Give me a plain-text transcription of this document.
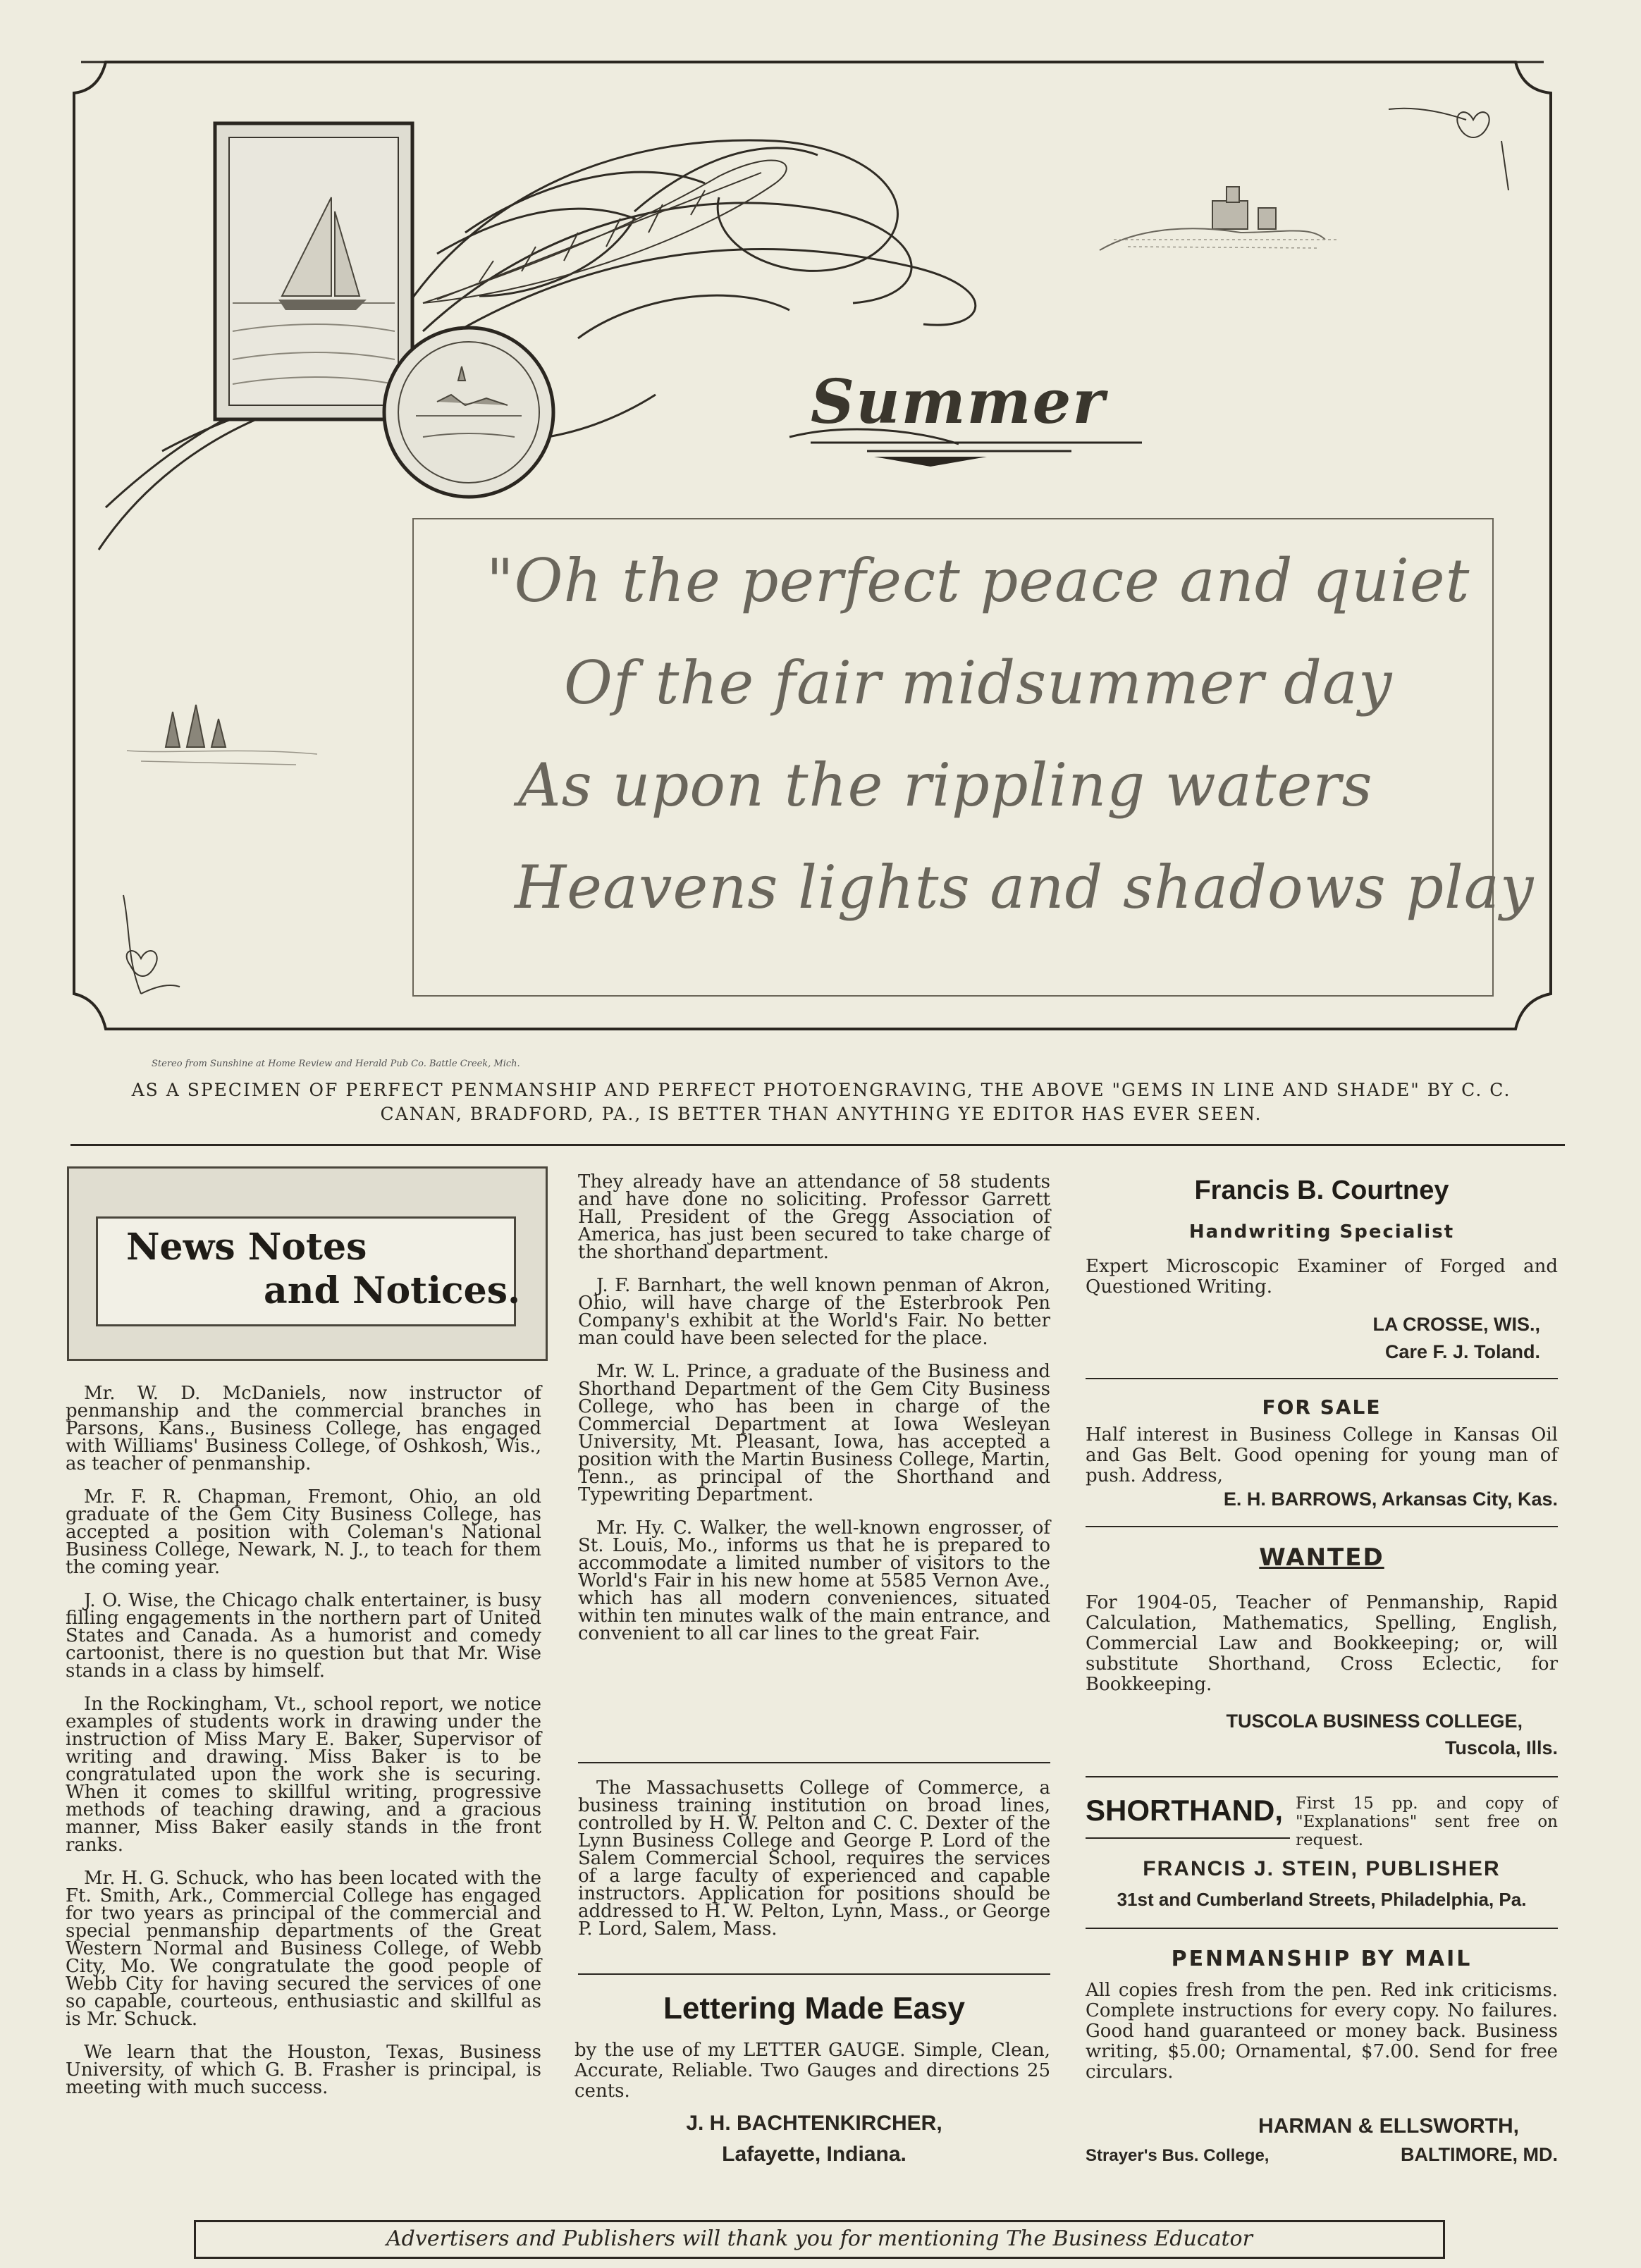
Summer
"Oh the perfect peace and quiet
Of the fair midsummer day
As upon the rippling waters
Heavens lights and shadows play
Stereo from Sunshine at Home Review and Herald Pub Co. Battle Creek, Mich.
AS A SPECIMEN OF PERFECT PENMANSHIP AND PERFECT PHOTOENGRAVING, THE ABOVE "GEMS IN LINE AND SHADE" BY C. C. CANAN, BRADFORD, PA., IS BETTER THAN ANYTHING YE EDITOR HAS EVER SEEN.
News Notes
and Notices.

Mr. W. D. McDaniels, now instructor of penmanship and the commercial branches in Parsons, Kans., Business College, has engaged with Williams' Business College, of Oshkosh, Wis., as teacher of penmanship.

Mr. F. R. Chapman, Fremont, Ohio, an old graduate of the Gem City Business College, has accepted a position with Coleman's National Business College, Newark, N. J., to teach for them the coming year.

J. O. Wise, the Chicago chalk entertainer, is busy filling engagements in the northern part of United States and Canada. As a humorist and comedy cartoonist, there is no question but that Mr. Wise stands in a class by himself.

In the Rockingham, Vt., school report, we notice examples of students work in drawing under the instruction of Miss Mary E. Baker, Supervisor of writing and drawing. Miss Baker is to be congratulated upon the work she is securing. When it comes to skillful writing, progressive methods of teaching drawing, and a gracious manner, Miss Baker easily stands in the front ranks.

Mr. H. G. Schuck, who has been located with the Ft. Smith, Ark., Commercial College has engaged for two years as principal of the commercial and special penmanship departments of the Great Western Normal and Business College, of Webb City, Mo. We congratulate the good people of Webb City for having secured the services of one so capable, courteous, enthusiastic and skillful as is Mr. Schuck.

We learn that the Houston, Texas, Business University, of which G. B. Frasher is principal, is meeting with much success.

They already have an attendance of 58 students and have done no soliciting. Professor Garrett Hall, President of the Gregg Association of America, has just been secured to take charge of the shorthand department.

J. F. Barnhart, the well known penman of Akron, Ohio, will have charge of the Esterbrook Pen Company's exhibit at the World's Fair. No better man could have been selected for the place.

Mr. W. L. Prince, a graduate of the Business and Shorthand Department of the Gem City Business College, who has been in charge of the Commercial Department at Iowa Wesleyan University, Mt. Pleasant, Iowa, has accepted a position with the Martin Business College, Martin, Tenn., as principal of the Shorthand and Typewriting Department.

Mr. Hy. C. Walker, the well-known engrosser, of St. Louis, Mo., informs us that he is prepared to accommodate a limited number of visitors to the World's Fair in his new home at 5585 Vernon Ave., which has all modern conveniences, situated within ten minutes walk of the main entrance, and convenient to all car lines to the great Fair.

The Massachusetts College of Commerce, a business training institution on broad lines, controlled by H. W. Pelton and C. C. Dexter of the Lynn Business College and George P. Lord of the Salem Commercial School, requires the services of a large faculty of experienced and capable instructors. Application for positions should be addressed to H. W. Pelton, Lynn, Mass., or George P. Lord, Salem, Mass.

Lettering Made Easy
by the use of my LETTER GAUGE. Simple, Clean, Accurate, Reliable. Two Gauges and directions 25 cents.
J. H. BACHTENKIRCHER,
Lafayette, Indiana.
Francis B. Courtney
Handwriting Specialist
Expert Microscopic Examiner of Forged and Questioned Writing.
LA CROSSE, WIS.,
Care F. J. Toland.
FOR SALE
Half interest in Business College in Kansas Oil and Gas Belt. Good opening for young man of push. Address,
E. H. BARROWS, Arkansas City, Kas.
WANTED
For 1904-05, Teacher of Penmanship, Rapid Calculation, Mathematics, Spelling, English, Commercial Law and Bookkeeping; or, will substitute Shorthand, Cross Eclectic, for Bookkeeping.
TUSCOLA BUSINESS COLLEGE,
Tuscola, Ills.
SHORTHAND, First 15 pp. and copy of "Explanations" sent free on request.
FRANCIS J. STEIN, PUBLISHER
31st and Cumberland Streets, Philadelphia, Pa.
PENMANSHIP BY MAIL
All copies fresh from the pen. Red ink criticisms. Complete instructions for every copy. No failures. Good hand guaranteed or money back. Business writing, $5.00; Ornamental, $7.00. Send for free circulars.
HARMAN & ELLSWORTH,
Strayer's Bus. College,	BALTIMORE, MD.
Advertisers and Publishers will thank you for mentioning The Business Educator
